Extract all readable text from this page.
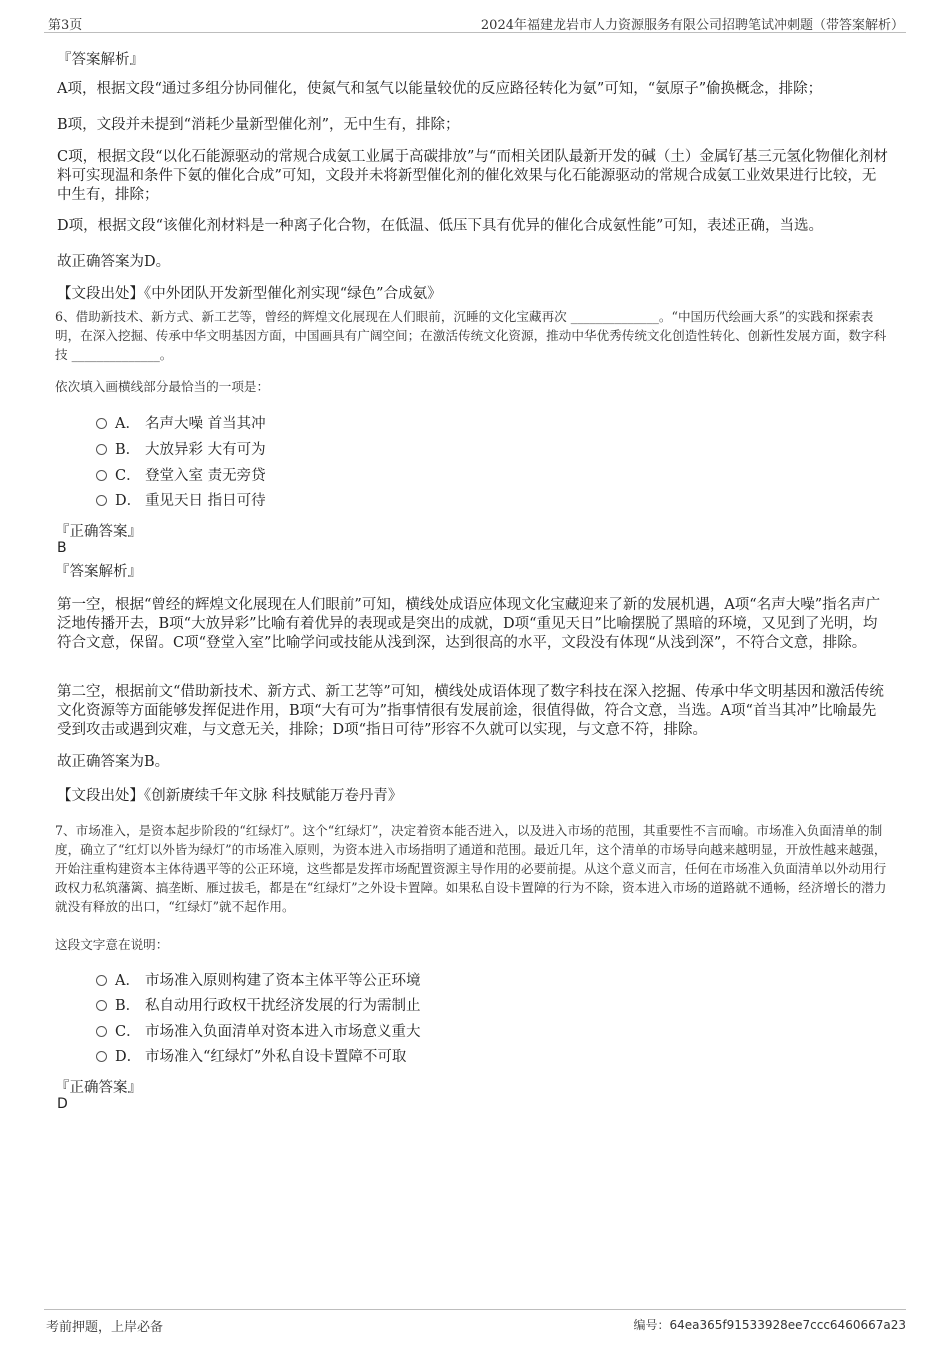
第3页	2024年福建龙岩市人力资源服务有限公司招聘笔试冲刺题（带答案解析）
『答案解析』
A项，根据文段“通过多组分协同催化，使氮气和氢气以能量较优的反应路径转化为氨”可知，“氨原子”偷换概念，排除；
B项，文段并未提到“消耗少量新型催化剂”，无中生有，排除；
C项，根据文段“以化石能源驱动的常规合成氨工业属于高碳排放”与“而相关团队最新开发的碱（土）金属钌基三元氢化物催化剂材料可实现温和条件下氨的催化合成”可知，文段并未将新型催化剂的催化效果与化石能源驱动的常规合成氨工业效果进行比较，无中生有，排除；
D项，根据文段“该催化剂材料是一种离子化合物，在低温、低压下具有优异的催化合成氨性能”可知，表述正确，当选。
故正确答案为D。
【文段出处】《中外团队开发新型催化剂实现“绿色”合成氨》
6、借助新技术、新方式、新工艺等，曾经的辉煌文化展现在人们眼前，沉睡的文化宝藏再次 ______________。“中国历代绘画大系”的实践和探索表明，在深入挖掘、传承中华文明基因方面，中国画具有广阔空间；在激活传统文化资源，推动中华优秀传统文化创造性转化、创新性发展方面，数字科技 ______________。
依次填入画横线部分最恰当的一项是：
A． 名声大噪 首当其冲
B． 大放异彩 大有可为
C． 登堂入室 责无旁贷
D． 重见天日 指日可待
『正确答案』
B
『答案解析』
第一空，根据“曾经的辉煌文化展现在人们眼前”可知，横线处成语应体现文化宝藏迎来了新的发展机遇，A项“名声大噪”指名声广泛地传播开去，B项“大放异彩”比喻有着优异的表现或是突出的成就，D项“重见天日”比喻摆脱了黑暗的环境，又见到了光明，均符合文意，保留。C项“登堂入室”比喻学问或技能从浅到深，达到很高的水平，文段没有体现“从浅到深”，不符合文意，排除。
第二空，根据前文“借助新技术、新方式、新工艺等”可知，横线处成语体现了数字科技在深入挖掘、传承中华文明基因和激活传统文化资源等方面能够发挥促进作用，B项“大有可为”指事情很有发展前途，很值得做，符合文意，当选。A项“首当其冲”比喻最先受到攻击或遇到灾难，与文意无关，排除；D项“指日可待”形容不久就可以实现，与文意不符，排除。
故正确答案为B。
【文段出处】《创新赓续千年文脉 科技赋能万卷丹青》
7、市场准入，是资本起步阶段的“红绿灯”。这个“红绿灯”，决定着资本能否进入，以及进入市场的范围，其重要性不言而喻。市场准入负面清单的制度，确立了“红灯以外皆为绿灯”的市场准入原则，为资本进入市场指明了通道和范围。最近几年，这个清单的市场导向越来越明显，开放性越来越强，开始注重构建资本主体待遇平等的公正环境，这些都是发挥市场配置资源主导作用的必要前提。从这个意义而言，任何在市场准入负面清单以外动用行政权力私筑藩篱、搞垄断、雁过拔毛，都是在“红绿灯”之外设卡置障。如果私自设卡置障的行为不除，资本进入市场的道路就不通畅，经济增长的潜力就没有释放的出口，“红绿灯”就不起作用。
这段文字意在说明：
A． 市场准入原则构建了资本主体平等公正环境
B． 私自动用行政权干扰经济发展的行为需制止
C． 市场准入负面清单对资本进入市场意义重大
D． 市场准入“红绿灯”外私自设卡置障不可取
『正确答案』
D
考前押题，上岸必备	编号：64ea365f91533928ee7ccc6460667a23
